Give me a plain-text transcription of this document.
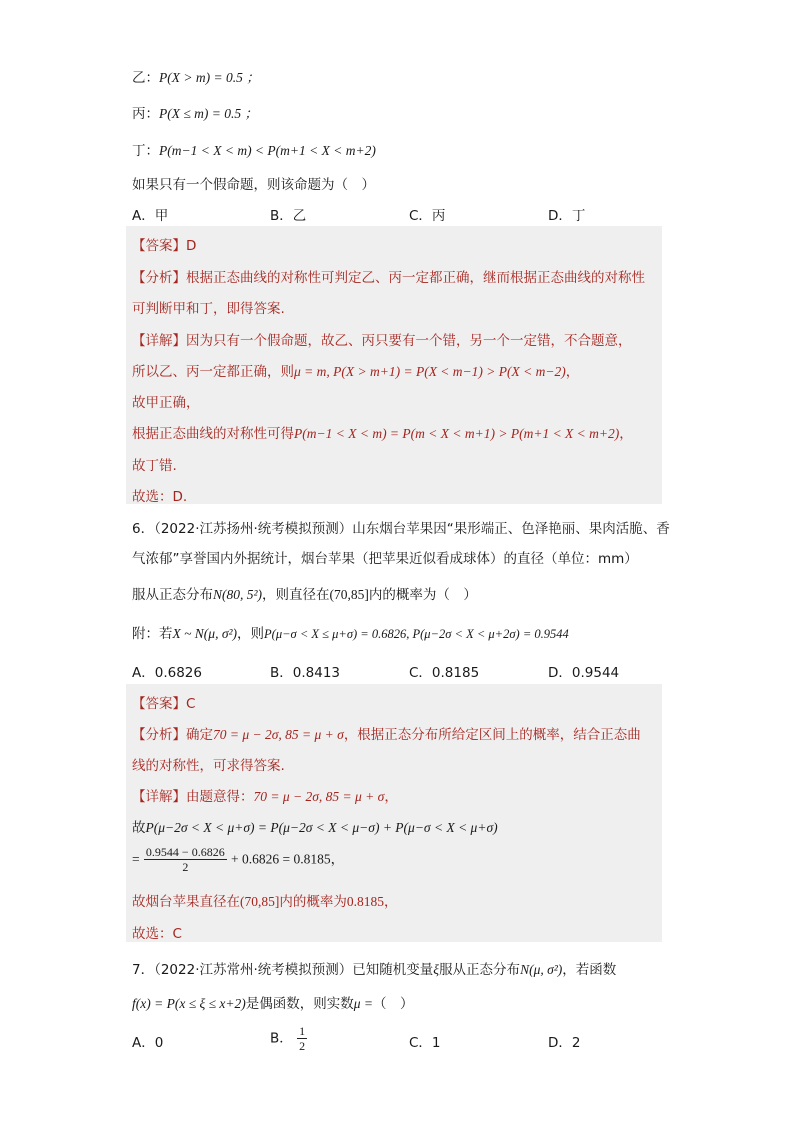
乙：P(X > m) = 0.5 ；
丙：P(X ≤ m) = 0.5 ；
丁：P(m−1 < X < m) < P(m+1 < X < m+2)
如果只有一个假命题，则该命题为（　）
A．甲	B．乙	C．丙	D．丁
【答案】D
【分析】根据正态曲线的对称性可判定乙、丙一定都正确，继而根据正态曲线的对称性
可判断甲和丁，即得答案.
【详解】因为只有一个假命题，故乙、丙只要有一个错，另一个一定错，不合题意，
所以乙、丙一定都正确，则μ = m, P(X > m+1) = P(X < m−1) > P(X < m−2)，
故甲正确，
根据正态曲线的对称性可得P(m−1 < X < m) = P(m < X < m+1) > P(m+1 < X < m+2)，
故丁错.
故选：D.
6．（2022·江苏扬州·统考模拟预测）山东烟台苹果因“果形端正、色泽艳丽、果肉活脆、香
气浓郁”享誉国内外据统计，烟台苹果（把苹果近似看成球体）的直径（单位：mm）
服从正态分布N(80, 5²)，则直径在(70,85]内的概率为（　）
附：若X ~ N(μ, σ²)，则P(μ−σ < X ≤ μ+σ) = 0.6826, P(μ−2σ < X < μ+2σ) = 0.9544
A．0.6826	B．0.8413	C．0.8185	D．0.9544
【答案】C
【分析】确定70 = μ − 2σ, 85 = μ + σ，根据正态分布所给定区间上的概率，结合正态曲
线的对称性，可求得答案.
【详解】由题意得：70 = μ − 2σ, 85 = μ + σ，
故P(μ−2σ < X < μ+σ) = P(μ−2σ < X < μ−σ) + P(μ−σ < X < μ+σ)
= $\frac{0.9544 - 0.6826}{2} + 0.6826 = 0.8185$，
故烟台苹果直径在(70,85]内的概率为0.8185，
故选：C
7．（2022·江苏常州·统考模拟预测）已知随机变量ξ服从正态分布N(μ, σ²)，若函数
f(x) = P(x ≤ ξ ≤ x+2)是偶函数，则实数μ =（　）
A．0	B． $\frac{1}{2}$	C．1	D．2
